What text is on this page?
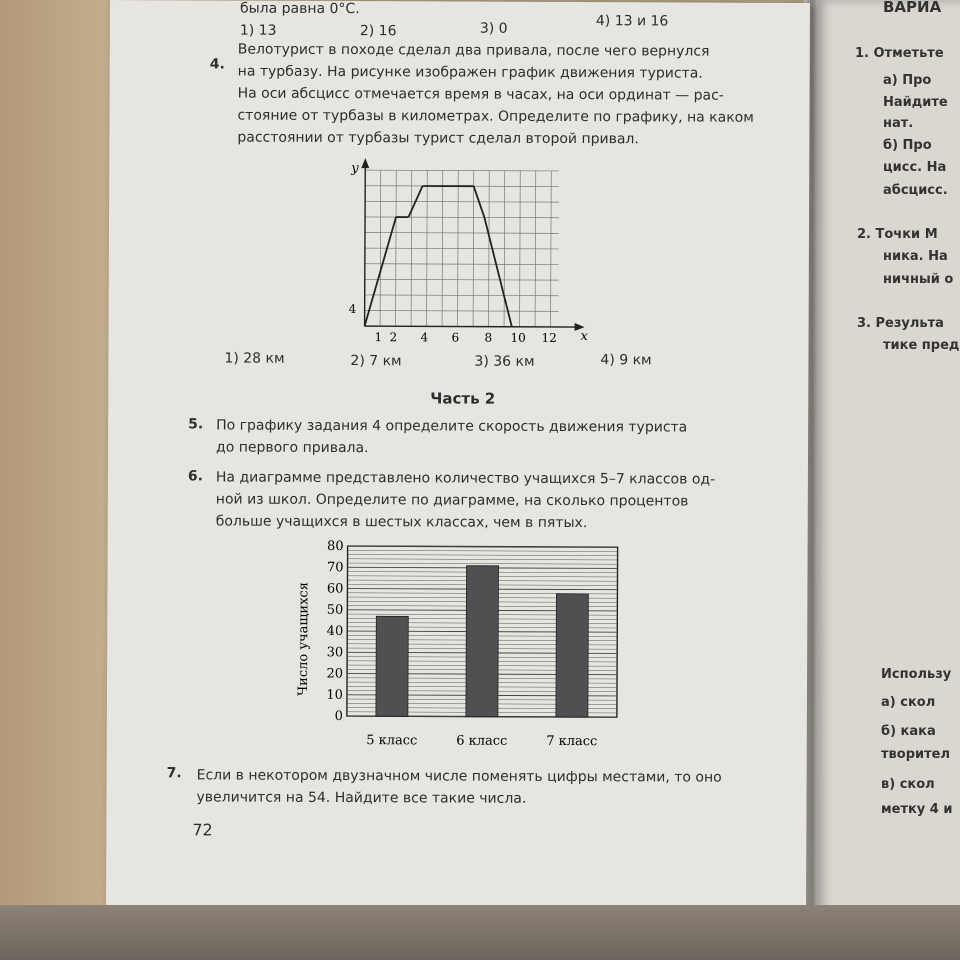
ВАРИА
1. Отметьте
а) Про
Найдите
нат.
б) Про
цисс. На
абсцисс.
2. Точки М
ника. На
ничный о
3. Результа
тике пред
Использу
а) скол
б) кака
творител
в) скол
метку 4 и
была равна 0°С.
1) 13	2) 16	3) 0	4) 13 и 16
4.
Велотурист в походе сделал два привала, после чего вернулся
на турбазу. На рисунке изображен график движения туриста.
На оси абсцисс отмечается время в часах, на оси ординат — рас-
стояние от турбазы в километрах. Определите по графику, на каком
расстоянии от турбазы турист сделал второй привал.
y
x
4
1 2 4 6 8 10 12
1) 28 км	2) 7 км	3) 36 км	4) 9 км
Часть 2
5. По графику задания 4 определите скорость движения туриста
до первого привала.
6. На диаграмме представлено количество учащихся 5–7 классов од-
ной из школ. Определите по диаграмме, на сколько процентов
больше учащихся в шестых классах, чем в пятых.
0
10
20
30
40
50
60
70
80
5 класс	6 класс	7 класс
Число учащихся
7. Если в некотором двузначном числе поменять цифры местами, то оно
увеличится на 54. Найдите все такие числа.
72
